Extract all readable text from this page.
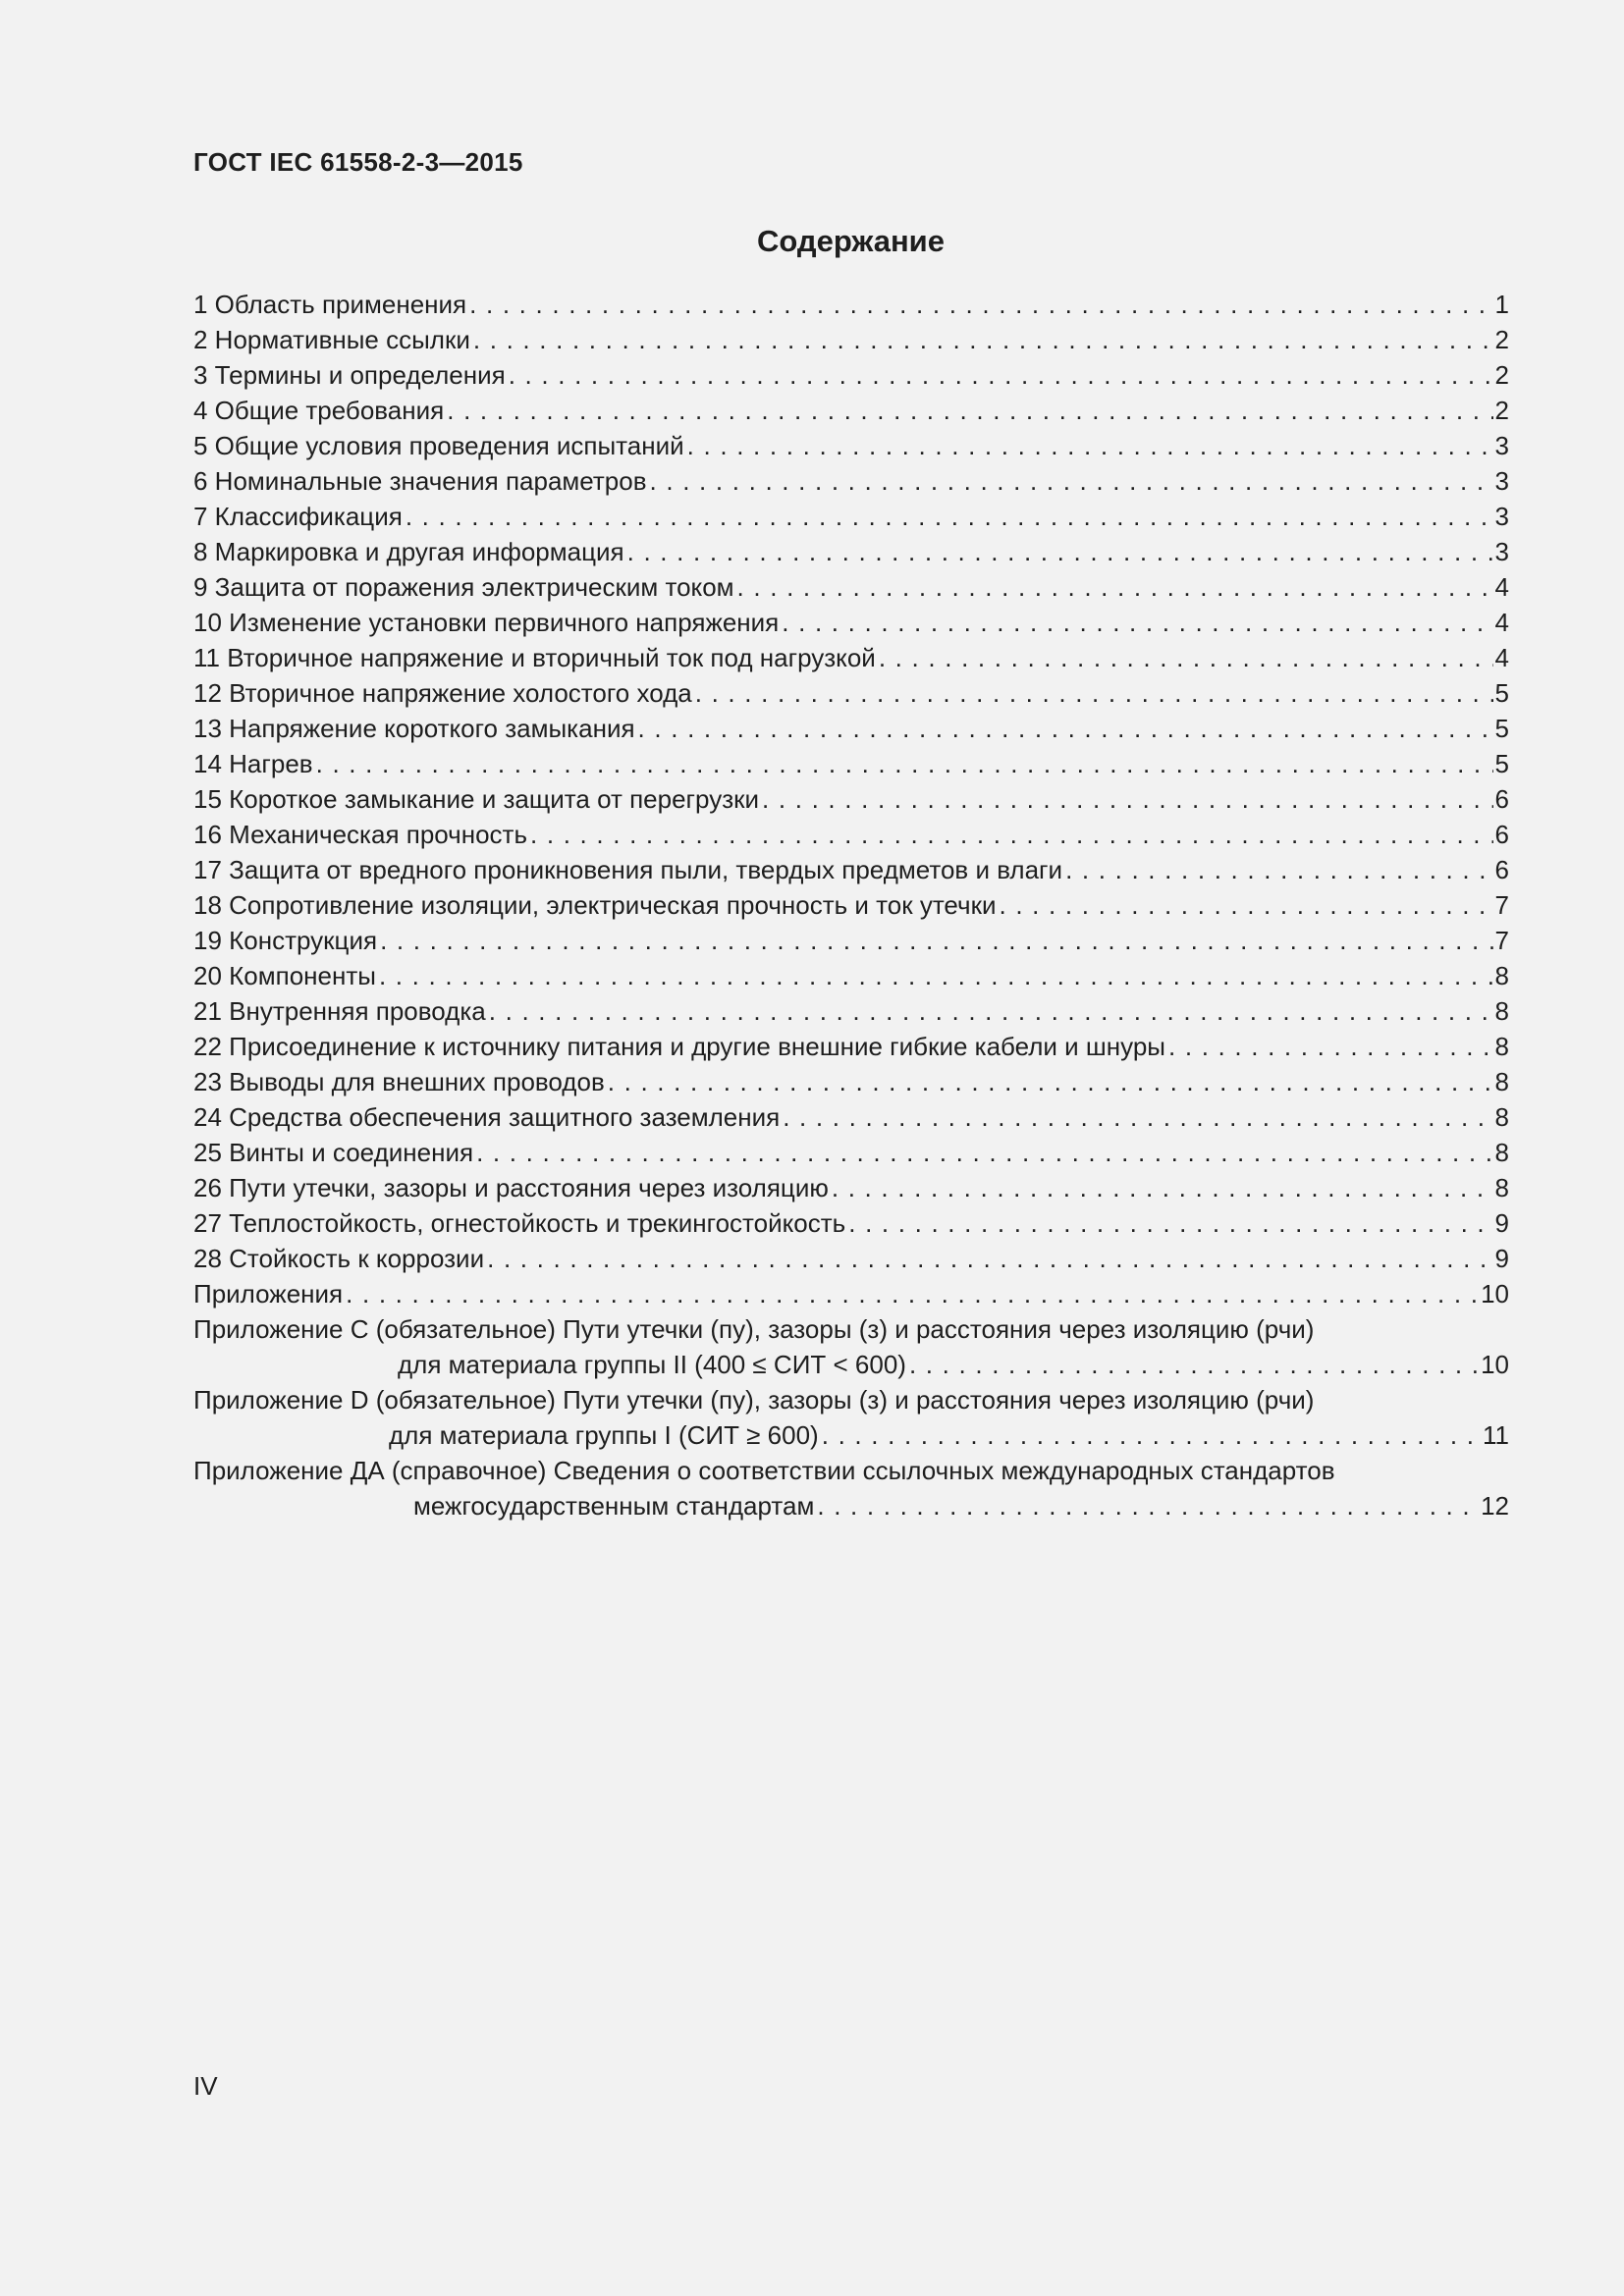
ГОСТ IEC 61558-2-3—2015
Содержание
1 Область применения . . .	1
2 Нормативные ссылки . . .	2
3 Термины и определения . . .	2
4 Общие требования . . .	2
5 Общие условия проведения испытаний . . .	3
6 Номинальные значения параметров . . .	3
7 Классификация . . .	3
8 Маркировка и другая информация . . .	3
9 Защита от поражения электрическим током . . .	4
10 Изменение установки первичного напряжения . . .	4
11 Вторичное напряжение и вторичный ток под нагрузкой . . .	4
12 Вторичное напряжение холостого хода . . .	5
13 Напряжение короткого замыкания . . .	5
14 Нагрев . . .	5
15 Короткое замыкание и защита от перегрузки . . .	6
16 Механическая прочность . . .	6
17 Защита от вредного проникновения пыли, твердых предметов и влаги . . .	6
18 Сопротивление изоляции, электрическая прочность и ток утечки . . .	7
19 Конструкция . . .	7
20 Компоненты . . .	8
21 Внутренняя проводка . . .	8
22 Присоединение к источнику питания и другие внешние гибкие кабели и шнуры . . .	8
23 Выводы для внешних проводов . . .	8
24 Средства обеспечения защитного заземления . . .	8
25 Винты и соединения . . .	8
26 Пути утечки, зазоры и расстояния через изоляцию . . .	8
27 Теплостойкость, огнестойкость и трекингостойкость . . .	9
28 Стойкость к коррозии . . .	9
Приложения . . .	10
Приложение С (обязательное) Пути утечки (пу), зазоры (з) и расстояния через изоляцию (рчи)
для материала группы II (400 ≤ СИТ < 600) . . .	10
Приложение D (обязательное) Пути утечки (пу), зазоры (з) и расстояния через изоляцию (рчи)
для материала группы I (СИТ ≥ 600) . . .	11
Приложение ДА (справочное) Сведения о соответствии ссылочных международных стандартов
межгосударственным стандартам . . .	12
IV
